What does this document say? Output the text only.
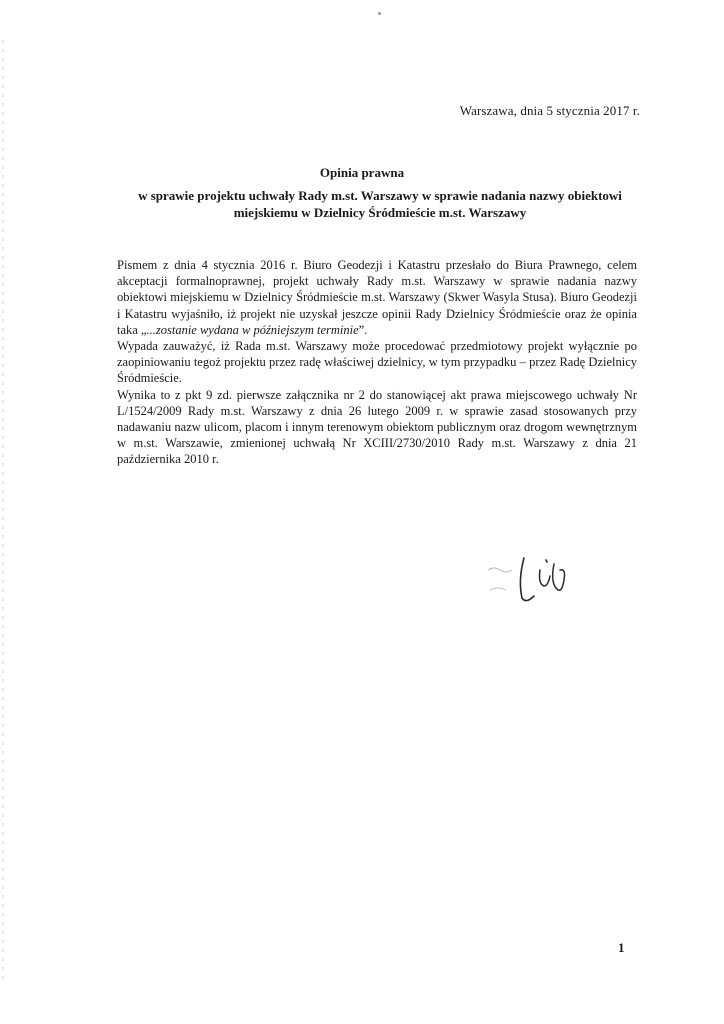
Warszawa, dnia 5 stycznia 2017 r.
Opinia prawna
w sprawie projektu uchwały Rady m.st. Warszawy w sprawie nadania nazwy obiektowi
miejskiemu w Dzielnicy Śródmieście m.st. Warszawy

Pismem z dnia 4 stycznia 2016 r. Biuro Geodezji i Katastru przesłało do Biura Prawnego, celem akceptacji formalnoprawnej, projekt uchwały Rady m.st. Warszawy w sprawie nadania nazwy obiektowi miejskiemu w Dzielnicy Śródmieście m.st. Warszawy (Skwer Wasyla Stusa). Biuro Geodezji i Katastru wyjaśniło, iż projekt nie uzyskał jeszcze opinii Rady Dzielnicy Śródmieście oraz że opinia taka „...zostanie wydana w późniejszym terminie”.

Wypada zauważyć, iż Rada m.st. Warszawy może procedować przedmiotowy projekt wyłącznie po zaopiniowaniu tegoż projektu przez radę właściwej dzielnicy, w tym przypadku – przez Radę Dzielnicy Śródmieście.

Wynika to z pkt 9 zd. pierwsze załącznika nr 2 do stanowiącej akt prawa miejscowego uchwały Nr L/1524/2009 Rady m.st. Warszawy z dnia 26 lutego 2009 r. w sprawie zasad stosowanych przy nadawaniu nazw ulicom, placom i innym terenowym obiektom publicznym oraz drogom wewnętrznym w m.st. Warszawie, zmienionej uchwałą Nr XCIII/2730/2010 Rady m.st. Warszawy z dnia 21 października 2010 r.

1
